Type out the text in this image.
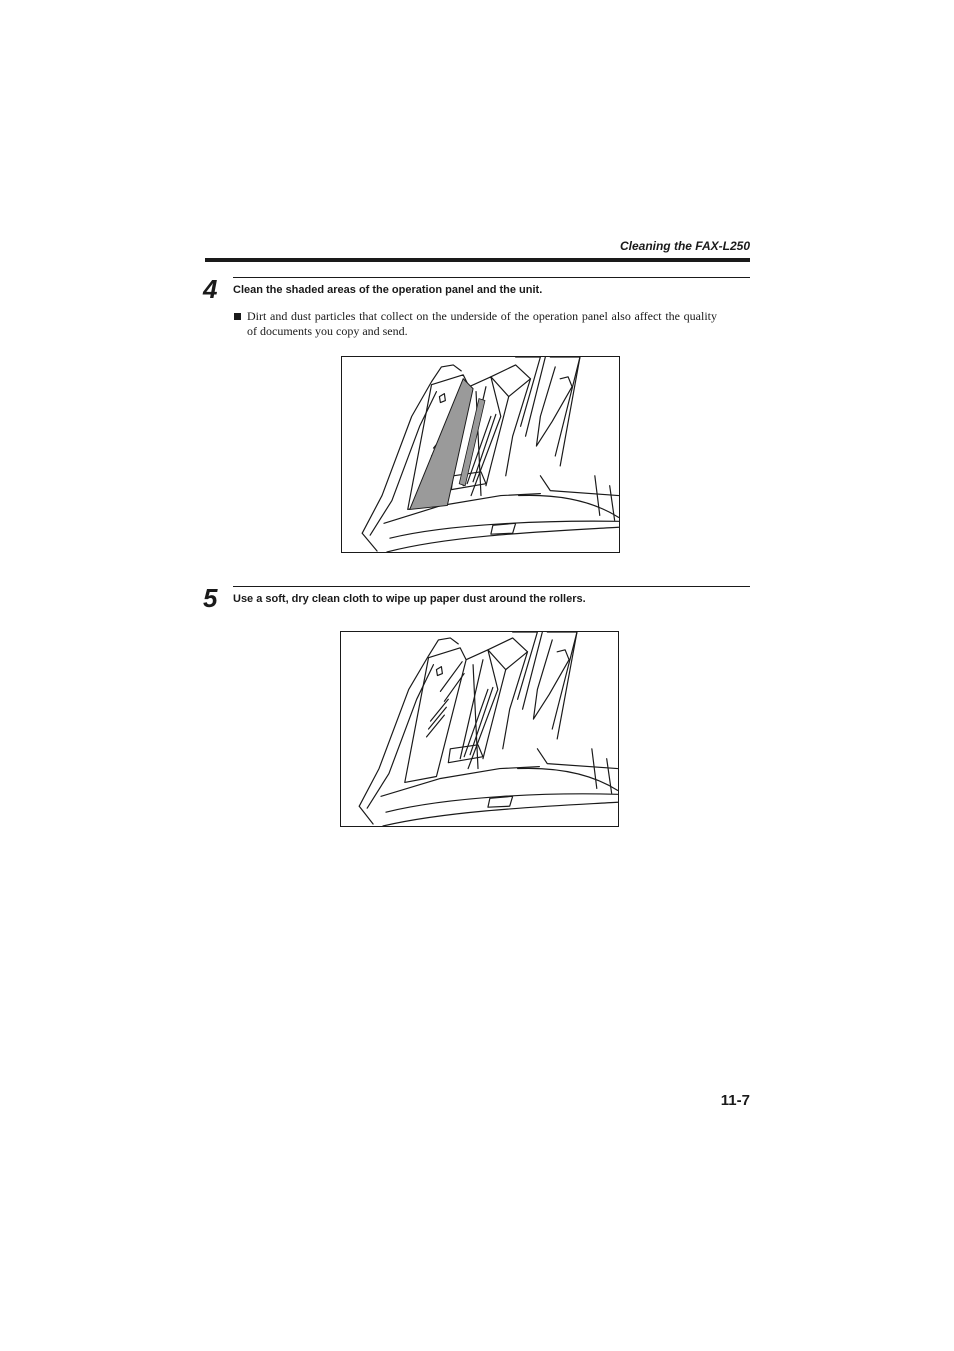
Cleaning the FAX-L250
4 Clean the shaded areas of the operation panel and the unit.
Dirt and dust particles that collect on the underside of the operation panel also affect the quality of documents you copy and send.
5 Use a soft, dry clean cloth to wipe up paper dust around the rollers.
11-7
